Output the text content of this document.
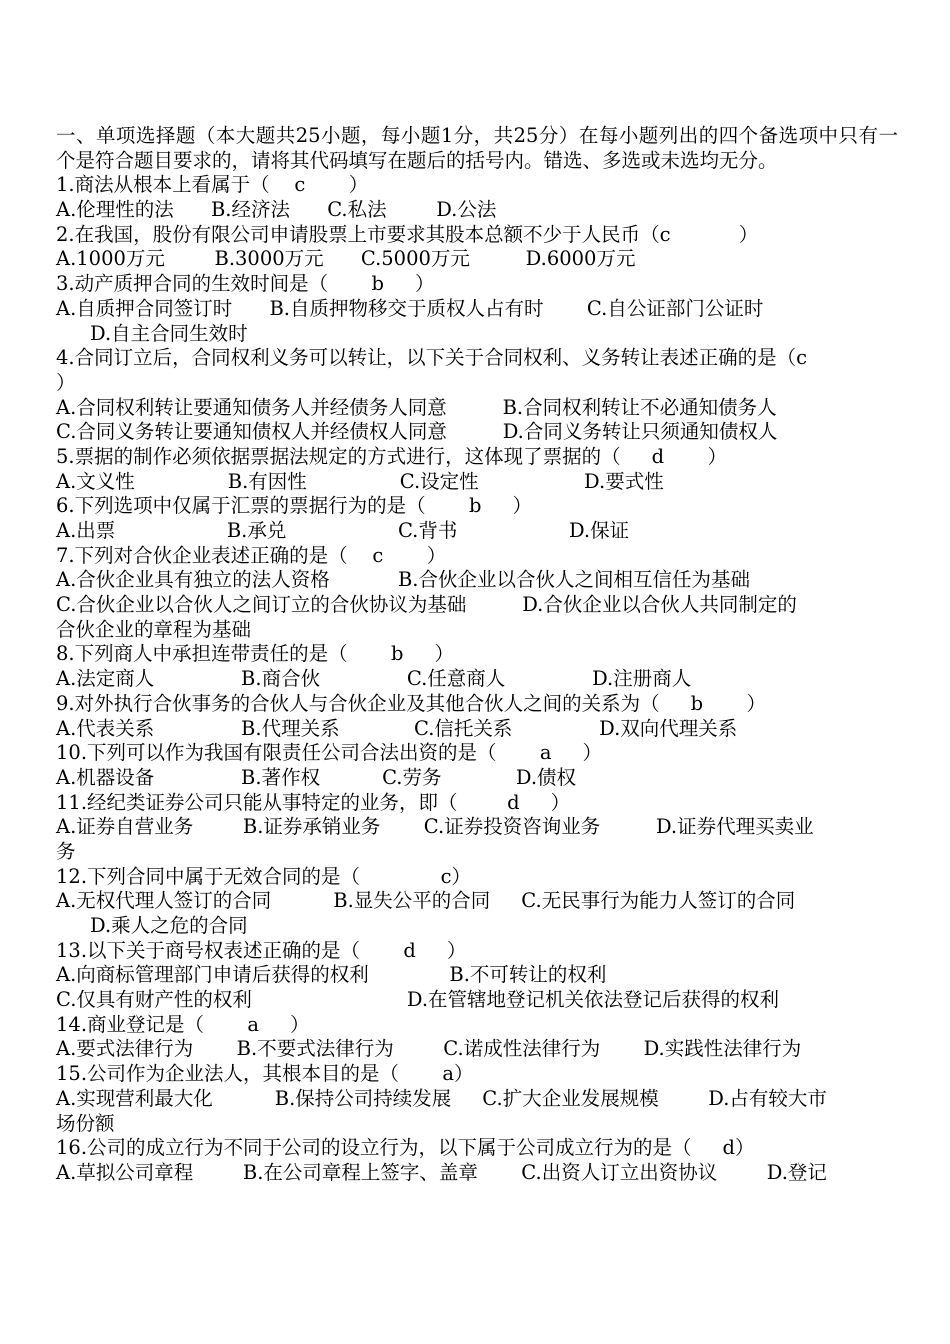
一、单项选择题（本大题共25小题，每小题1分，共25分）在每小题列出的四个备选项中只有一个是符合题目要求的，请将其代码填写在题后的括号内。错选、多选或未选均无分。

1.商法从根本上看属于（    c       ）
A.伦理性的法      B.经济法      C.私法        D.公法
2.在我国，股份有限公司申请股票上市要求其股本总额不少于人民币（c           ）
A.1000万元        B.3000万元      C.5000万元         D.6000万元
3.动产质押合同的生效时间是（       b     ）
A.自质押合同签订时      B.自质押物移交于质权人占有时       C.自公证部门公证时
D.自主合同生效时
4.合同订立后，合同权利义务可以转让，以下关于合同权利、义务转让表述正确的是（c
）
A.合同权利转让要通知债务人并经债务人同意         B.合同权利转让不必通知债务人
C.合同义务转让要通知债权人并经债权人同意         D.合同义务转让只须通知债权人
5.票据的制作必须依据票据法规定的方式进行，这体现了票据的（     d       ）
A.文义性               B.有因性               C.设定性                 D.要式性
6.下列选项中仅属于汇票的票据行为的是（       b     ）
A.出票                  B.承兑                  C.背书                  D.保证
7.下列对合伙企业表述正确的是（    c       ）
A.合伙企业具有独立的法人资格           B.合伙企业以合伙人之间相互信任为基础
C.合伙企业以合伙人之间订立的合伙协议为基础         D.合伙企业以合伙人共同制定的
合伙企业的章程为基础
8.下列商人中承担连带责任的是（       b     ）
A.法定商人              B.商合伙              C.任意商人              D.注册商人
9.对外执行合伙事务的合伙人与合伙企业及其他合伙人之间的关系为（     b       ）
A.代表关系              B.代理关系            C.信托关系              D.双向代理关系
10.下列可以作为我国有限责任公司合法出资的是（       a     ）
A.机器设备              B.著作权          C.劳务            D.债权
11.经纪类证券公司只能从事特定的业务，即（        d     ）
A.证券自营业务        B.证券承销业务       C.证券投资咨询业务         D.证券代理买卖业
务
12.下列合同中属于无效合同的是（             c）
A.无权代理人签订的合同          B.显失公平的合同     C.无民事行为能力人签订的合同
D.乘人之危的合同
13.以下关于商号权表述正确的是（       d     ）
A.向商标管理部门申请后获得的权利             B.不可转让的权利
C.仅具有财产性的权利                         D.在管辖地登记机关依法登记后获得的权利
14.商业登记是（       a     ）
A.要式法律行为       B.不要式法律行为        C.诺成性法律行为       D.实践性法律行为
15.公司作为企业法人，其根本目的是（       a）
A.实现营利最大化          B.保持公司持续发展     C.扩大企业发展规模        D.占有较大市
场份额
16.公司的成立行为不同于公司的设立行为，以下属于公司成立行为的是（     d）
A.草拟公司章程        B.在公司章程上签字、盖章       C.出资人订立出资协议        D.登记
